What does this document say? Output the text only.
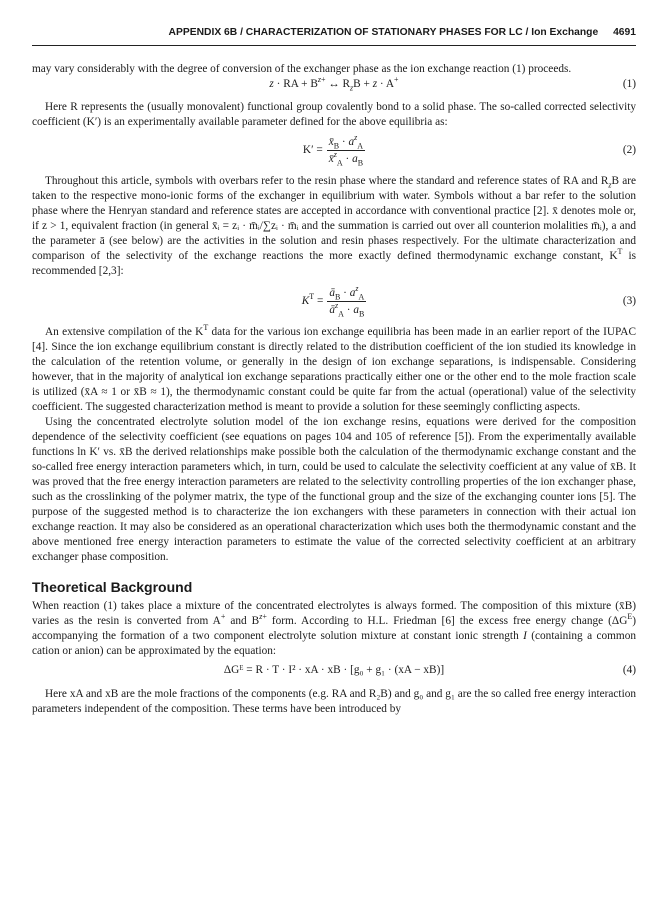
APPENDIX 6B / CHARACTERIZATION OF STATIONARY PHASES FOR LC / Ion Exchange 4691

may vary considerably with the degree of conversion of the exchanger phase as the ion exchange reaction (1) proceeds.

z · RA + $B^{z+}$ ↔ $R_zB + z \cdot A^+$	(1)

Here R represents the (usually monovalent) functional group covalently bond to a solid phase. The so-called corrected selectivity coefficient (K′) is an experimentally available parameter defined for the above equilibria as:

$K' = \frac{x̄_B \cdot a^z_A}{x̄^z_A \cdot a_B}$	(2)

Throughout this article, symbols with overbars refer to the resin phase where the standard and reference states of RA and $R_zB$ are taken to the respective mono-ionic forms of the exchanger in equilibrium with water. Symbols without a bar refer to the solution phase where the Henryan standard and reference states are accepted in accordance with conventional practice [2]. x̄ denotes mole or, if z > 1, equivalent fraction (in general x̄ᵢ = zᵢ · m̄ᵢ/∑zᵢ · m̄ᵢ and the summation is carried out over all counterion molalities m̄ᵢ), a and the parameter ā (see below) are the activities in the solution and resin phases respectively. For the ultimate characterization and comparison of the selectivity of the exchange reactions the more exactly defined thermodynamic exchange constant, $K^T$ is recommended [2,3]:

$K^T = \frac{ā_B \cdot a^z_A}{ā^z_A \cdot a_B}$	(3)

An extensive compilation of the $K^T$ data for the various ion exchange equilibria has been made in an earlier report of the IUPAC [4]. Since the ion exchange equilibrium constant is directly related to the distribution coefficient of the ion studied its knowledge in the calculation of the retention volume, or generally in the design of ion exchange separations, is indispensable. Considering however, that in the majority of analytical ion exchange separations practically either one or the other end to the mole fraction scale is utilized (x̄A ≈ 1 or x̄B ≈ 1), the thermodynamic constant could be quite far from the actual (operational) value of the selectivity coefficient. The suggested characterization method is meant to provide a solution for these seemingly conflicting aspects.

Using the concentrated electrolyte solution model of the ion exchange resins, equations were derived for the composition dependence of the selectivity coefficient (see equations on pages 104 and 105 of reference [5]). From the experimentally available functions ln K′ vs. x̄B the derived relationships make possible both the calculation of the thermodynamic exchange constant and the so-called free energy interaction parameters which, in turn, could be used to calculate the selectivity coefficient at any value of x̄B. It was proved that the free energy interaction parameters are related to the selectivity controlling properties of the ion exchanger phase, such as the crosslinking of the polymer matrix, the type of the functional group and the size of the exchanging counter ions [5]. The purpose of the suggested method is to characterize the ion exchangers with these parameters in connection with their actual ion exchange reaction. It may also be considered as an operational characterization which uses both the thermodynamic constant and the above mentioned free energy interaction parameters to estimate the value of the corrected selectivity coefficient at an arbitrary exchanger phase composition.

Theoretical Background

When reaction (1) takes place a mixture of the concentrated electrolytes is always formed. The composition of this mixture (x̄B) varies as the resin is converted from A+ and $B^{z+}$ form. According to H.L. Friedman [6] the excess free energy change $(\Delta G^E)$ accompanying the formation of a two component electrolyte solution mixture at constant ionic strength I (containing a common cation or anion) can be approximated by the equation:

ΔGᴱ = R · T · I² · xA · xB · [g₀ + g₁ · (xA − xB)]	(4)

Here xA and xB are the mole fractions of the components (e.g. RA and R₂B) and g₀ and g₁ are the so called free energy interaction parameters independent of the composition. These terms have been introduced by
